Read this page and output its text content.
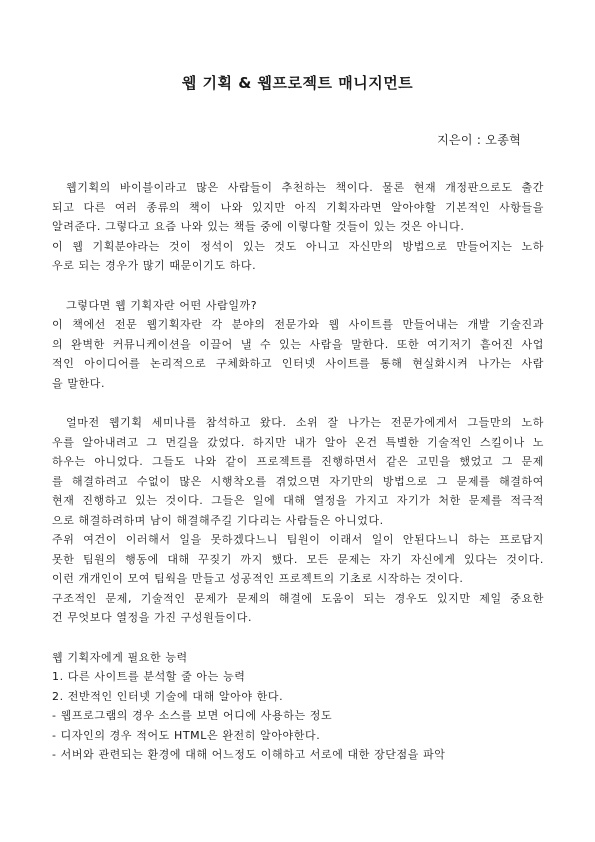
웹 기획 & 웹프로젝트 매니지먼트
지은이 : 오종혁
웹기획의 바이블이라고 많은 사람들이 추천하는 책이다. 물론 현재 개정판으로도 출간
되고 다른 여러 종류의 책이 나와 있지만 아직 기획자라면 알아야할 기본적인 사항들을
알려준다. 그렇다고 요즘 나와 있는 책들 중에 이렇다할 것들이 있는 것은 아니다.
이 웹 기획분야라는 것이 정석이 있는 것도 아니고 자신만의 방법으로 만들어지는 노하
우로 되는 경우가 많기 때문이기도 하다.
그렇다면 웹 기획자란 어떤 사람일까?
이 책에선 전문 웹기획자란 각 분야의 전문가와 웹 사이트를 만들어내는 개발 기술진과
의 완벽한 커뮤니케이션을 이끌어 낼 수 있는 사람을 말한다. 또한 여기저기 흩어진 사업
적인 아이디어를 논리적으로 구체화하고 인터넷 사이트를 통해 현실화시켜 나가는 사람
을 말한다.
얼마전 웹기획 세미나를 참석하고 왔다. 소위 잘 나가는 전문가에게서 그들만의 노하
우를 알아내려고 그 먼길을 갔었다. 하지만 내가 알아 온건 특별한 기술적인 스킬이나 노
하우는 아니었다. 그들도 나와 같이 프로젝트를 진행하면서 같은 고민을 했었고 그 문제
를 해결하려고 수없이 많은 시행착오를 겪었으면 자기만의 방법으로 그 문제를 해결하여
현재 진행하고 있는 것이다. 그들은 일에 대해 열정을 가지고 자기가 처한 문제를 적극적
으로 해결하려하며 남이 해결해주길 기다리는 사람들은 아니었다.
주위 여건이 이러해서 일을 못하겠다느니 팀원이 이래서 일이 안된다느니 하는 프로답지
못한 팀원의 행동에 대해 꾸짖기 까지 했다. 모든 문제는 자기 자신에게 있다는 것이다.
이런 개개인이 모여 팀웍을 만들고 성공적인 프로젝트의 기초로 시작하는 것이다.
구조적인 문제, 기술적인 문제가 문제의 해결에 도움이 되는 경우도 있지만 제일 중요한
건 무엇보다 열정을 가진 구성원들이다.
웹 기획자에게 필요한 능력
1. 다른 사이트를 분석할 줄 아는 능력
2. 전반적인 인터넷 기술에 대해 알아야 한다.
- 웹프로그램의 경우 소스를 보면 어디에 사용하는 정도
- 디자인의 경우 적어도 HTML은 완전히 알아야한다.
- 서버와 관련되는 환경에 대해 어느정도 이해하고 서로에 대한 장단점을 파악
